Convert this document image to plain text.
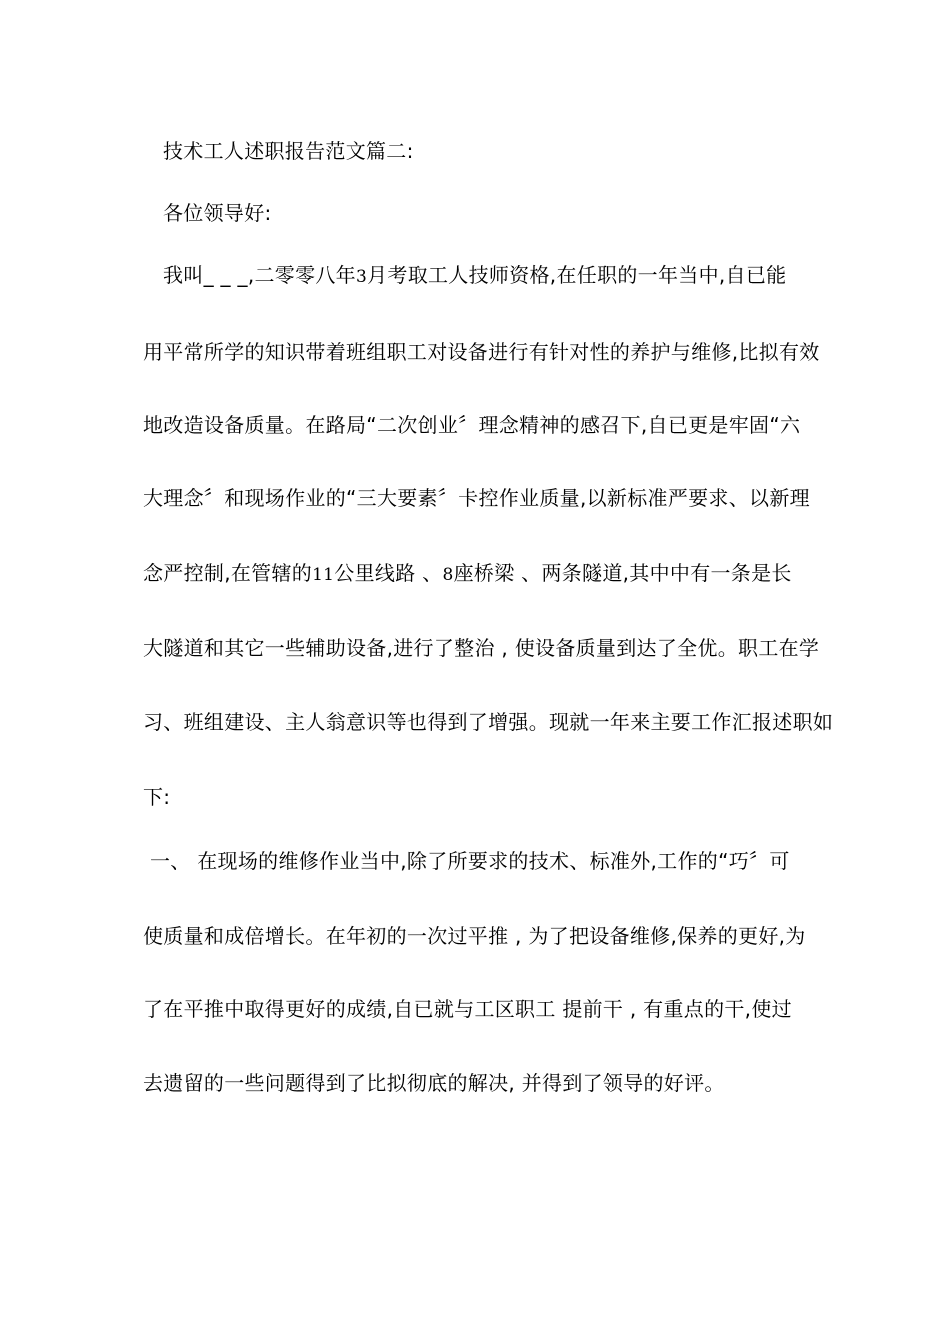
技术工人述职报告范文篇二:
各位领导好:
我叫_ _ _,二零零八年3月考取工人技师资格,在任职的一年当中,自已能
用平常所学的知识带着班组职工对设备进行有针对性的养护与维修,比拟有效
地改造设备质量。在路局“二次创业〞理念精神的感召下,自已更是牢固“六
大理念〞和现场作业的“三大要素〞卡控作业质量,以新标准严要求、以新理
念严控制,在管辖的11公里线路 、8座桥梁 、两条隧道,其中中有一条是长
大隧道和其它一些辅助设备,进行了整治 , 使设备质量到达了全优。职工在学
习、班组建设、主人翁意识等也得到了增强。现就一年来主要工作汇报述职如
下:
一、 在现场的维修作业当中,除了所要求的技术、标准外,工作的“巧〞可
使质量和成倍增长。在年初的一次过平推 , 为了把设备维修,保养的更好,为
了在平推中取得更好的成绩,自已就与工区职工 提前干 , 有重点的干,使过
去遗留的一些问题得到了比拟彻底的解决, 并得到了领导的好评。
